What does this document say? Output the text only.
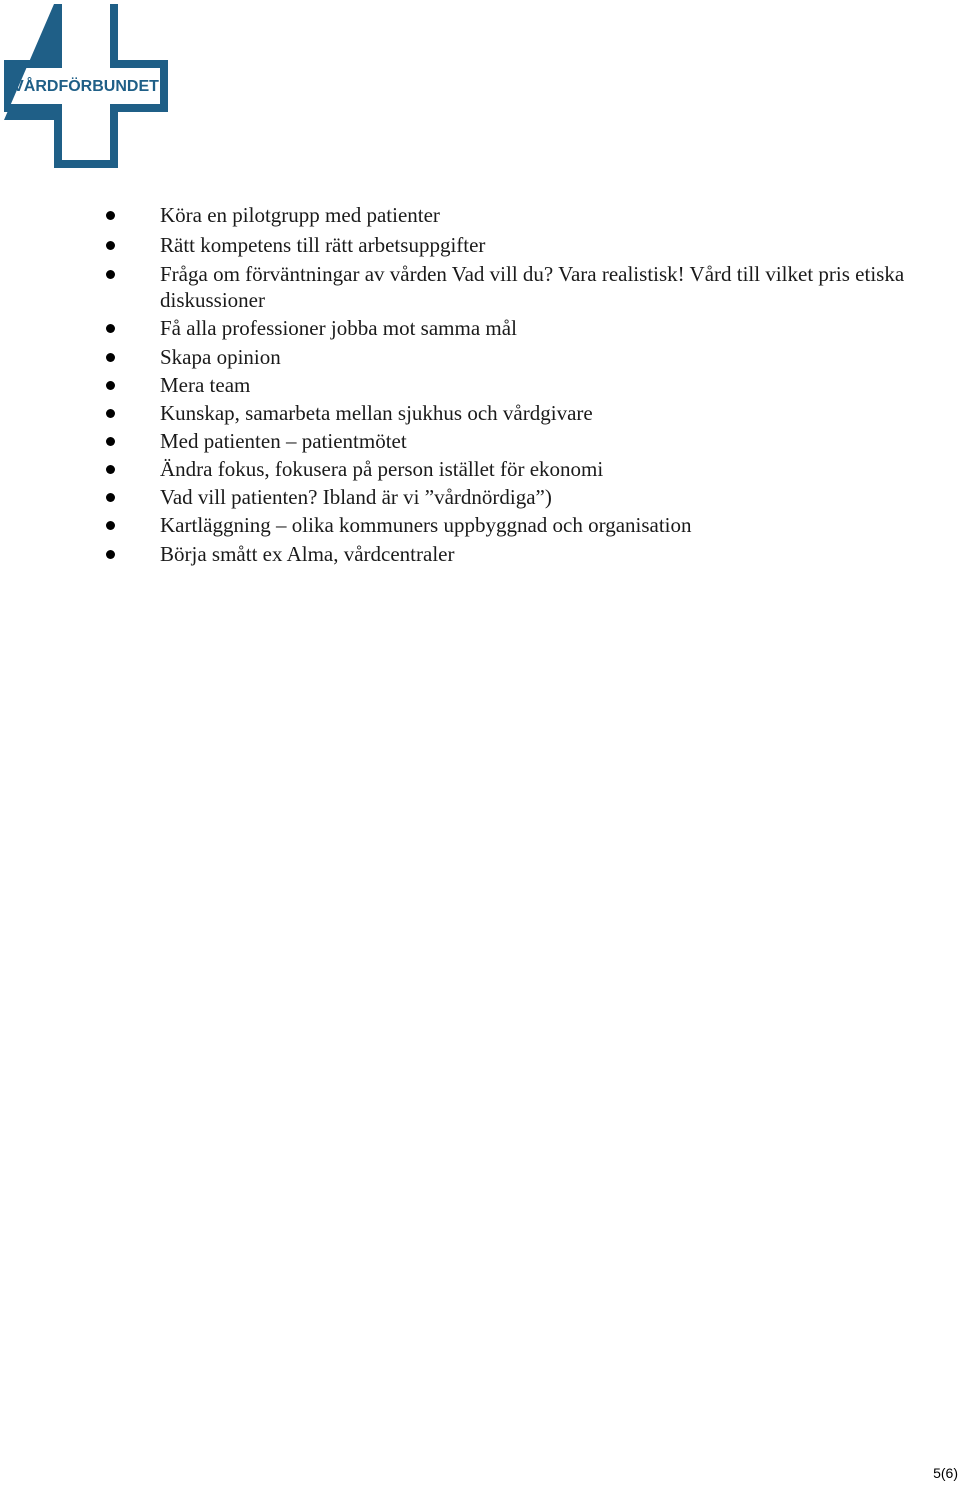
VÅRDFÖRBUNDET
Köra en pilotgrupp med patienter
Rätt kompetens till rätt arbetsuppgifter
Fråga om förväntningar av vården Vad vill du? Vara realistisk! Vård till vilket pris etiska diskussioner
Få alla professioner jobba mot samma mål
Skapa opinion
Mera team
Kunskap, samarbeta mellan sjukhus och vårdgivare
Med patienten – patientmötet
Ändra fokus, fokusera på person istället för ekonomi
Vad vill patienten? Ibland är vi ”vårdnördiga”)
Kartläggning – olika kommuners uppbyggnad och organisation
Börja smått ex Alma, vårdcentraler
5(6)
